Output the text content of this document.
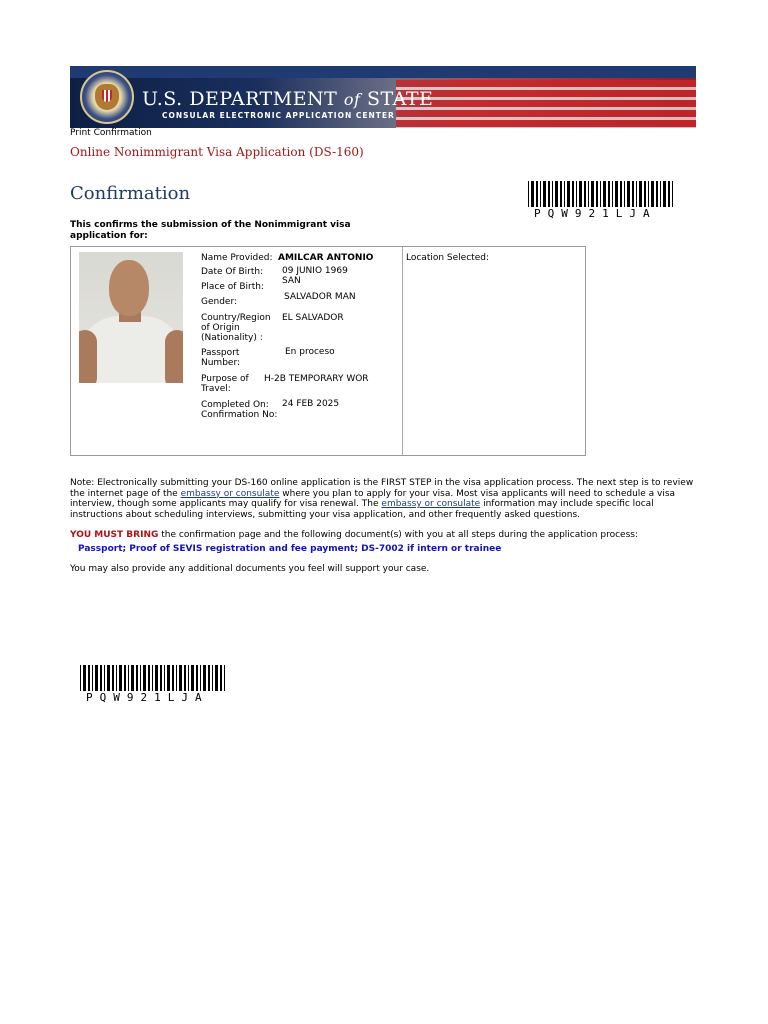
U.S. DEPARTMENT of STATE
CONSULAR ELECTRONIC APPLICATION CENTER
Print Confirmation
Online Nonimmigrant Visa Application (DS-160)
Confirmation
PQW921LJA
This confirms the submission of the Nonimmigrant visa application for:
Name Provided: AMILCAR ANTONIO
Date Of Birth: 09 JUNIO 1969
SAN
Place of Birth:
SALVADOR MAN
Gender:
Country/Region EL SALVADOR
of Origin
(Nationality) :
Passport	En proceso
Number:
Purpose of H-2B TEMPORARY WOR
Travel:
Completed On: 24 FEB 2025
Confirmation No:
Location Selected:
Note: Electronically submitting your DS-160 online application is the FIRST STEP in the visa application process. The next step is to review the internet page of the embassy or consulate where you plan to apply for your visa. Most visa applicants will need to schedule a visa interview, though some applicants may qualify for visa renewal. The embassy or consulate information may include specific local instructions about scheduling interviews, submitting your visa application, and other frequently asked questions.
YOU MUST BRING the confirmation page and the following document(s) with you at all steps during the application process:
Passport; Proof of SEVIS registration and fee payment; DS-7002 if intern or trainee
You may also provide any additional documents you feel will support your case.
PQW921LJA
